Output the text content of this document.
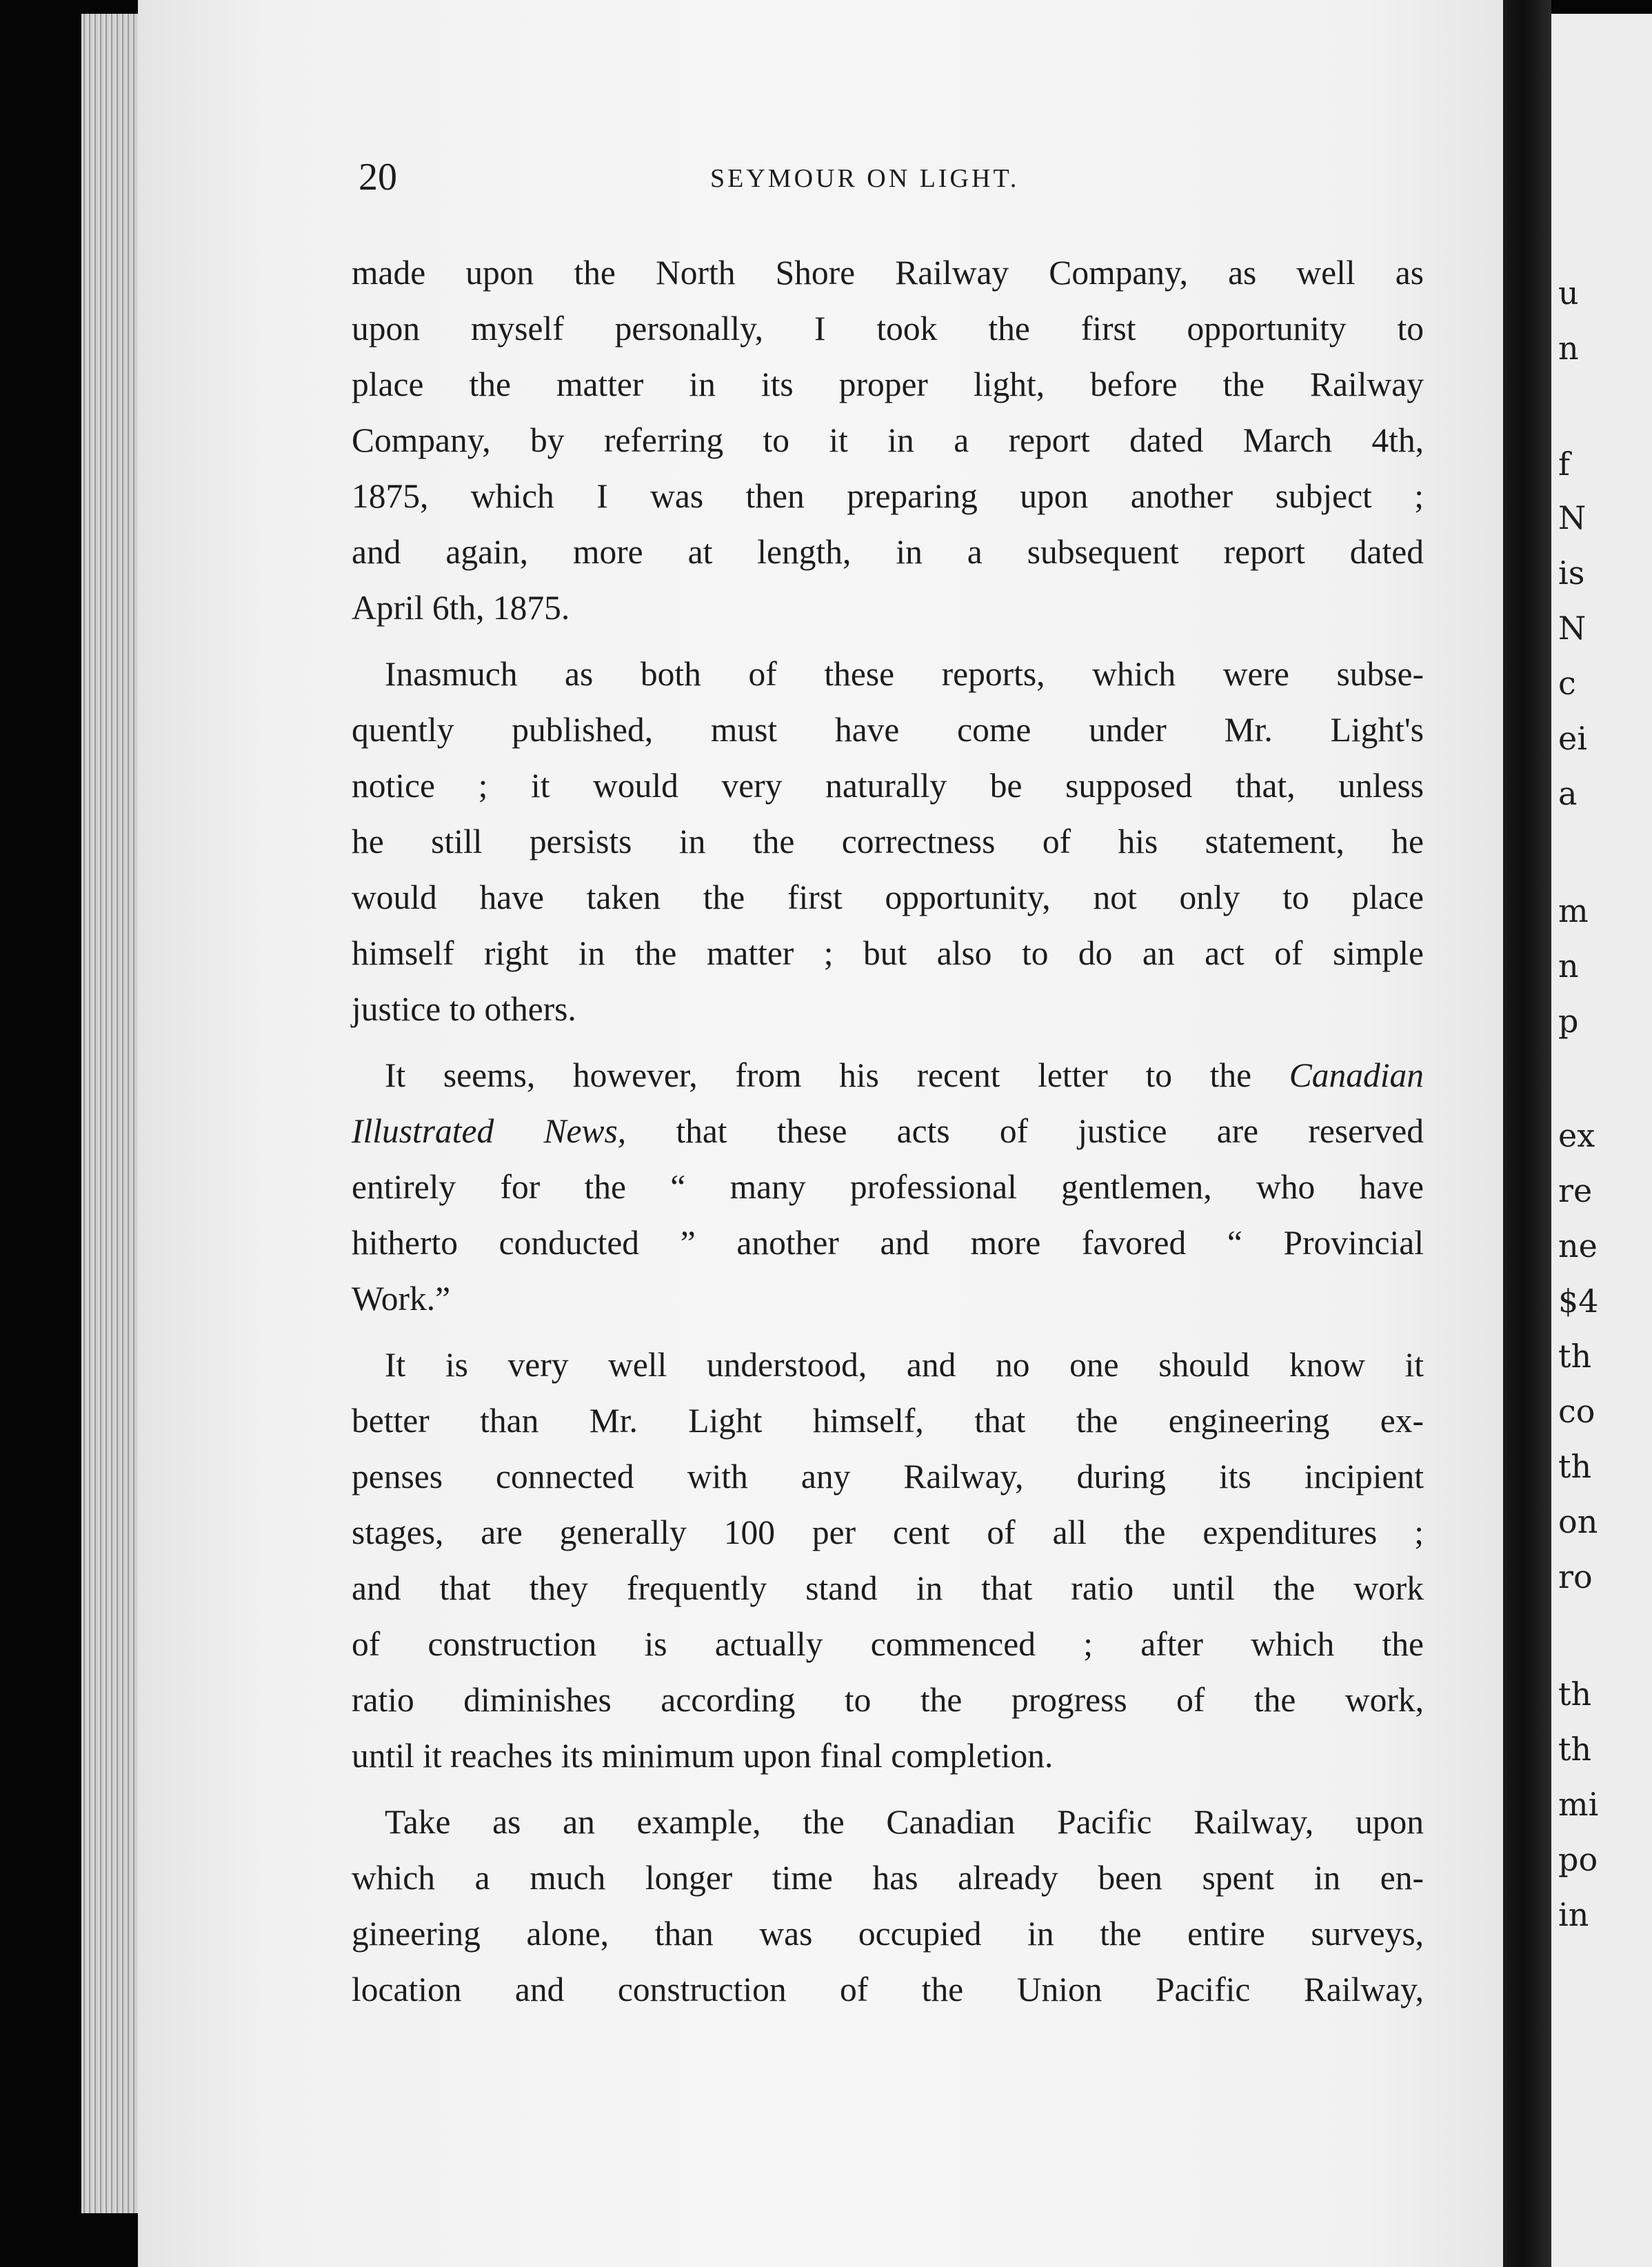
u
n
f
N
is
N
c
ei
a
m
n
p
ex
re
ne
$4
th
co
th
on
ro
th
th
mi
po
in
20	SEYMOUR ON LIGHT.

made upon the North Shore Railway Company, as well as
upon myself personally, I took the first opportunity to
place the matter in its proper light, before the Railway
Company, by referring to it in a report dated March 4th,
1875, which I was then preparing upon another subject ;
and again, more at length, in a subsequent report dated
April 6th, 1875.

Inasmuch as both of these reports, which were subse-
quently published, must have come under Mr. Light's
notice ; it would very naturally be supposed that, unless
he still persists in the correctness of his statement, he
would have taken the first opportunity, not only to place
himself right in the matter ; but also to do an act of simple
justice to others.

It seems, however, from his recent letter to the Canadian
Illustrated News, that these acts of justice are reserved
entirely for the “ many professional gentlemen, who have
hitherto conducted ” another and more favored “ Provincial
Work.”

It is very well understood, and no one should know it
better than Mr. Light himself, that the engineering ex-
penses connected with any Railway, during its incipient
stages, are generally 100 per cent of all the expenditures ;
and that they frequently stand in that ratio until the work
of construction is actually commenced ; after which the
ratio diminishes according to the progress of the work,
until it reaches its minimum upon final completion.

Take as an example, the Canadian Pacific Railway, upon
which a much longer time has already been spent in en-
gineering alone, than was occupied in the entire surveys,
location and construction of the Union Pacific Railway,
